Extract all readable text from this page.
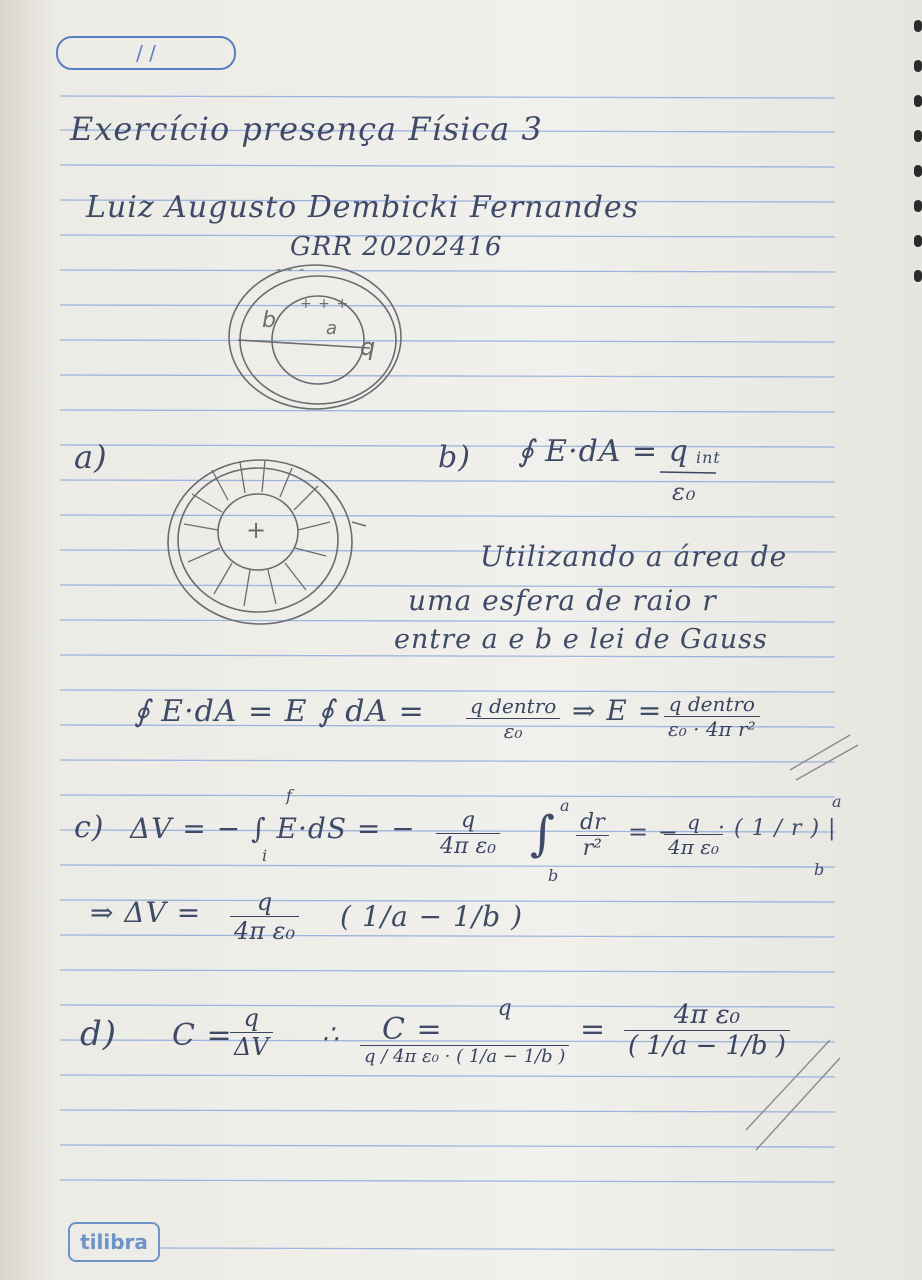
/ /
Exercício presença Física 3
Luiz Augusto Dembicki Fernandes
GRR 20202416
b	a
q
+ + +
- - -
a)
+
b) ∮ E·dA = q int
ε₀
Utilizando a área de
uma esfera de raio r
entre a e b e lei de Gauss
∮ E·dA = E ∮ dA = q dentro
ε₀
⇒ E = q dentro
ε₀ · 4π r²
c) ΔV = − ∫ E·dS = −
f
i	$\frac{q}{\text{4π ε₀}}$ ∫
a
b
$\frac{dr}{\text{r²}}$ = −
$\frac{q}{\text{4π ε₀}}$
· ( 1 / r ) |
a
b
⇒ $\Delta V = \frac{q}{\text{4π ε₀}}$ ( 1/a − 1/b )
d) C =
$\frac{q}{\Delta V}$ ∴ C =
q
q / 4π ε₀ · ( 1/a − 1/b )
= $\frac{\text{4π ε₀}}{( 1/a - 1/b )}$
tilibra
